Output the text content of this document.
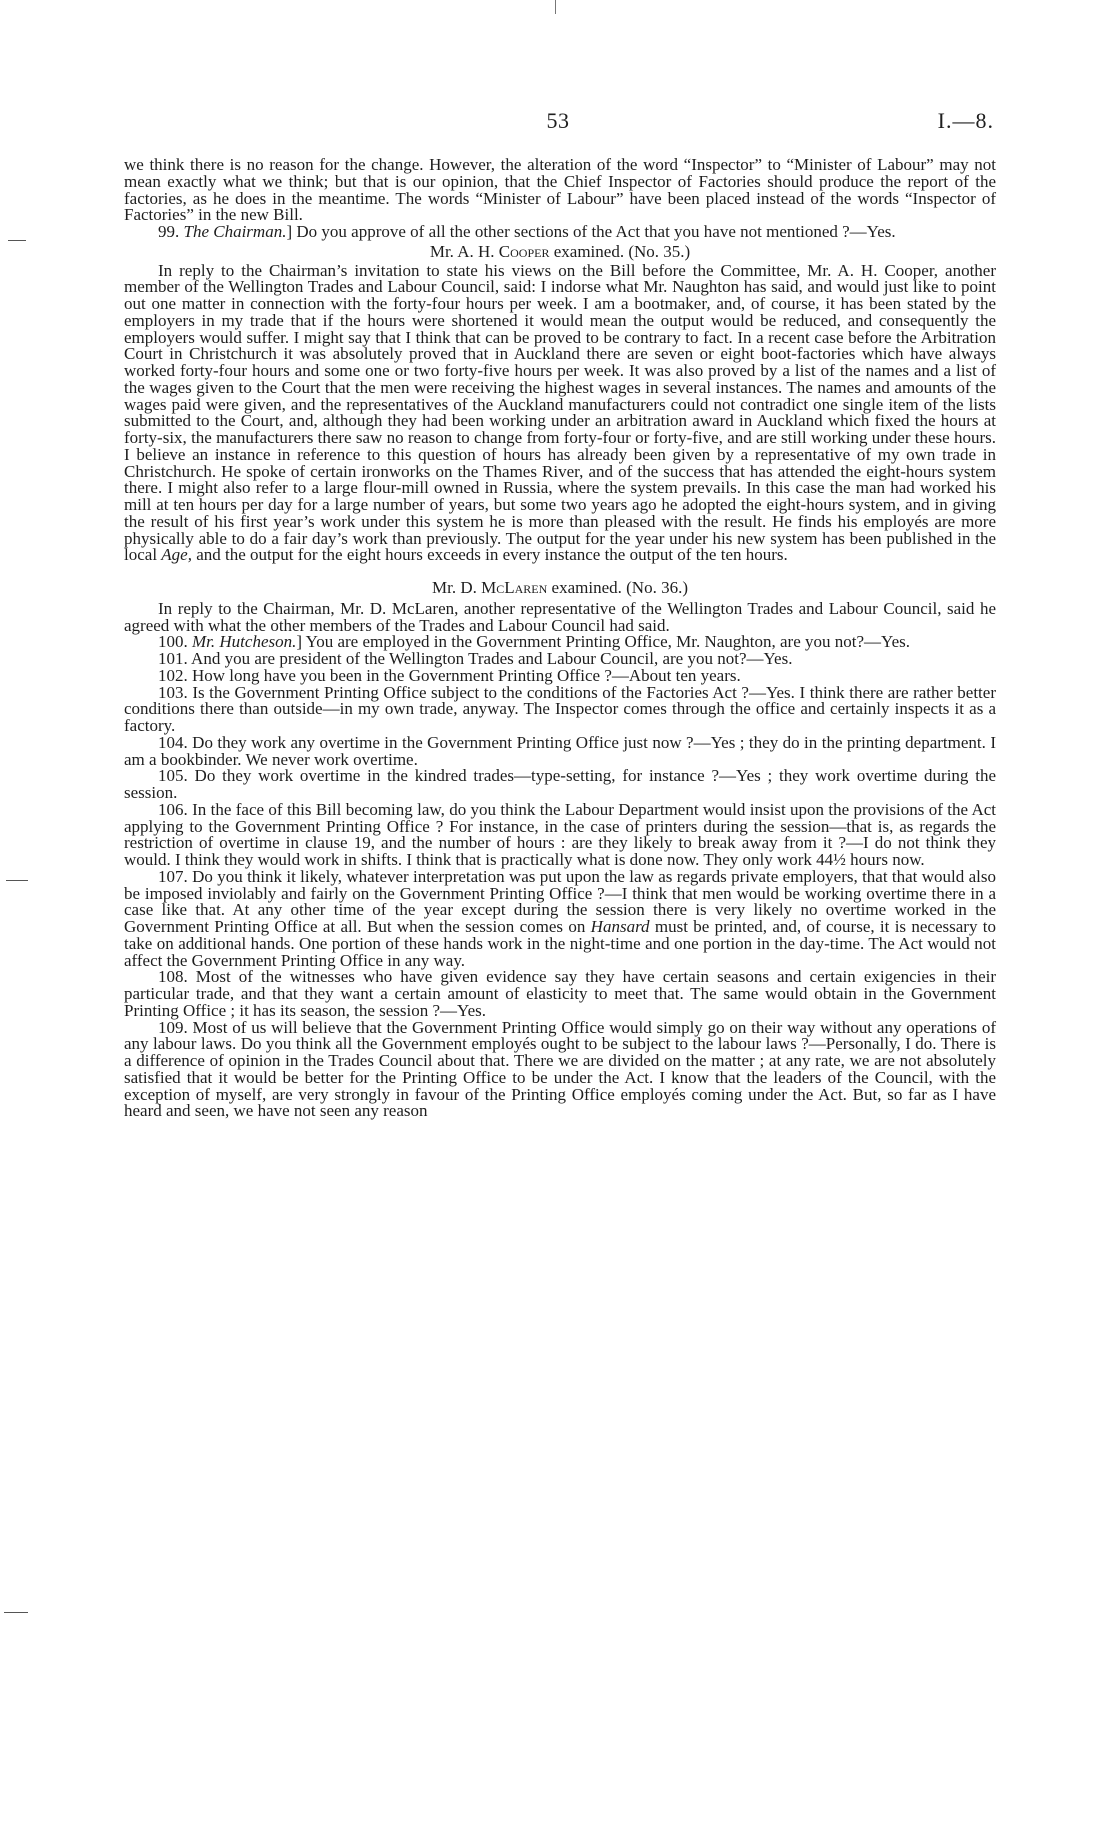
53	I.—8.

we think there is no reason for the change. However, the alteration of the word “Inspector” to “Minister of Labour” may not mean exactly what we think; but that is our opinion, that the Chief Inspector of Factories should produce the report of the factories, as he does in the meantime. The words “Minister of Labour” have been placed instead of the words “Inspector of Factories” in the new Bill.

99. The Chairman.] Do you approve of all the other sections of the Act that you have not mentioned ?—Yes.

Mr. A. H. Cooper examined. (No. 35.)

In reply to the Chairman’s invitation to state his views on the Bill before the Committee, Mr. A. H. Cooper, another member of the Wellington Trades and Labour Council, said: I indorse what Mr. Naughton has said, and would just like to point out one matter in connection with the forty-four hours per week. I am a bootmaker, and, of course, it has been stated by the employers in my trade that if the hours were shortened it would mean the output would be reduced, and consequently the employers would suffer. I might say that I think that can be proved to be contrary to fact. In a recent case before the Arbitration Court in Christchurch it was absolutely proved that in Auckland there are seven or eight boot-factories which have always worked forty-four hours and some one or two forty-five hours per week. It was also proved by a list of the names and a list of the wages given to the Court that the men were receiving the highest wages in several instances. The names and amounts of the wages paid were given, and the representatives of the Auckland manufacturers could not contradict one single item of the lists submitted to the Court, and, although they had been working under an arbitration award in Auckland which fixed the hours at forty-six, the manufacturers there saw no reason to change from forty-four or forty-five, and are still working under these hours. I believe an instance in reference to this question of hours has already been given by a representative of my own trade in Christchurch. He spoke of certain ironworks on the Thames River, and of the success that has attended the eight-hours system there. I might also refer to a large flour-mill owned in Russia, where the system prevails. In this case the man had worked his mill at ten hours per day for a large number of years, but some two years ago he adopted the eight-hours system, and in giving the result of his first year’s work under this system he is more than pleased with the result. He finds his employés are more physically able to do a fair day’s work than previously. The output for the year under his new system has been published in the local Age, and the output for the eight hours exceeds in every instance the output of the ten hours.

Mr. D. McLaren examined. (No. 36.)

In reply to the Chairman, Mr. D. McLaren, another representative of the Wellington Trades and Labour Council, said he agreed with what the other members of the Trades and Labour Council had said.

100. Mr. Hutcheson.] You are employed in the Government Printing Office, Mr. Naughton, are you not?—Yes.

101. And you are president of the Wellington Trades and Labour Council, are you not?—Yes.

102. How long have you been in the Government Printing Office ?—About ten years.

103. Is the Government Printing Office subject to the conditions of the Factories Act ?—Yes. I think there are rather better conditions there than outside—in my own trade, anyway. The Inspector comes through the office and certainly inspects it as a factory.

104. Do they work any overtime in the Government Printing Office just now ?—Yes ; they do in the printing department. I am a bookbinder. We never work overtime.

105. Do they work overtime in the kindred trades—type-setting, for instance ?—Yes ; they work overtime during the session.

106. In the face of this Bill becoming law, do you think the Labour Department would insist upon the provisions of the Act applying to the Government Printing Office ? For instance, in the case of printers during the session—that is, as regards the restriction of overtime in clause 19, and the number of hours : are they likely to break away from it ?—I do not think they would. I think they would work in shifts. I think that is practically what is done now. They only work 44½ hours now.

107. Do you think it likely, whatever interpretation was put upon the law as regards private employers, that that would also be imposed inviolably and fairly on the Government Printing Office ?—I think that men would be working overtime there in a case like that. At any other time of the year except during the session there is very likely no overtime worked in the Government Printing Office at all. But when the session comes on Hansard must be printed, and, of course, it is necessary to take on additional hands. One portion of these hands work in the night-time and one portion in the day-time. The Act would not affect the Government Printing Office in any way.

108. Most of the witnesses who have given evidence say they have certain seasons and certain exigencies in their particular trade, and that they want a certain amount of elasticity to meet that. The same would obtain in the Government Printing Office ; it has its season, the session ?—Yes.

109. Most of us will believe that the Government Printing Office would simply go on their way without any operations of any labour laws. Do you think all the Government employés ought to be subject to the labour laws ?—Personally, I do. There is a difference of opinion in the Trades Council about that. There we are divided on the matter ; at any rate, we are not absolutely satisfied that it would be better for the Printing Office to be under the Act. I know that the leaders of the Council, with the exception of myself, are very strongly in favour of the Printing Office employés coming under the Act. But, so far as I have heard and seen, we have not seen any reason
